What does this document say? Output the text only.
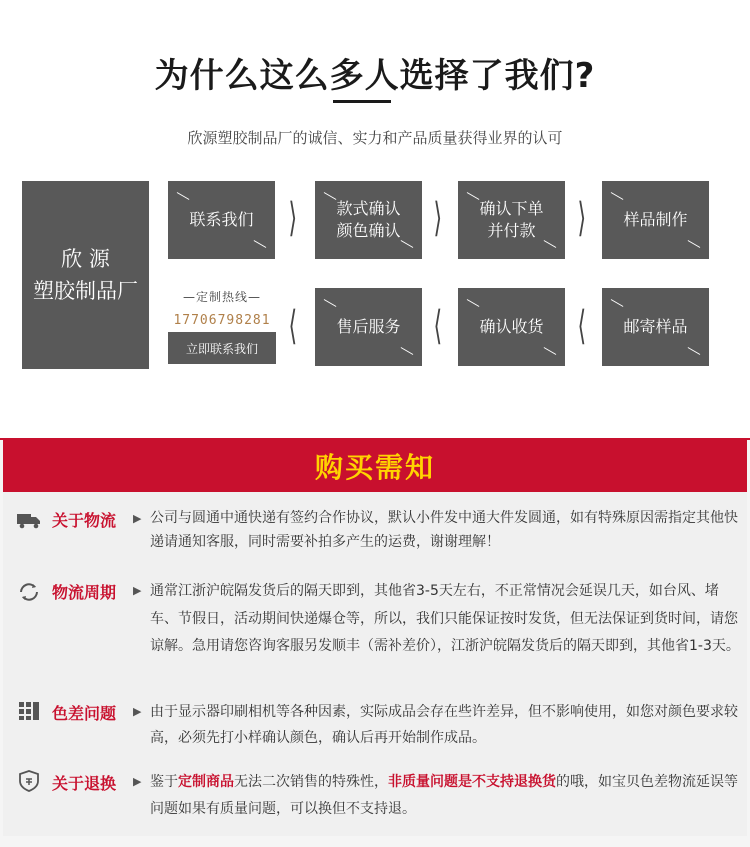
为什么这么多人选择了我们?
欣源塑胶制品厂的诚信、实力和产品质量获得业界的认可
欣 源
塑胶制品厂
联系我们 ⟩ 款式确认
颜色确认 ⟩ 确认下单
并付款 ⟩ 样品制作
—定制热线—
17706798281
立即联系我们 ⟨ 售后服务 ⟨ 确认收货 ⟨ 邮寄样品
购买需知
关于物流 ▶ 公司与圆通中通快递有签约合作协议，默认小件发中通大件发圆通，如有特殊原因需指定其他快递请通知客服，同时需要补拍多产生的运费，谢谢理解！
物流周期 ▶ 通常江浙沪皖隔发货后的隔天即到，其他省3-5天左右，不正常情况会延误几天，如台风、堵车、节假日，活动期间快递爆仓等，所以，我们只能保证按时发货，但无法保证到货时间，请您谅解。急用请您咨询客服另发顺丰（需补差价），江浙沪皖隔发货后的隔天即到，其他省1-3天。
色差问题 ▶ 由于显示器印刷相机等各种因素，实际成品会存在些许差异，但不影响使用，如您对颜色要求较高，必须先打小样确认颜色，确认后再开始制作成品。
关于退换 ▶ 鉴于定制商品无法二次销售的特殊性，非质量问题是不支持退换货的哦，如宝贝色差物流延误等问题如果有质量问题，可以换但不支持退。
